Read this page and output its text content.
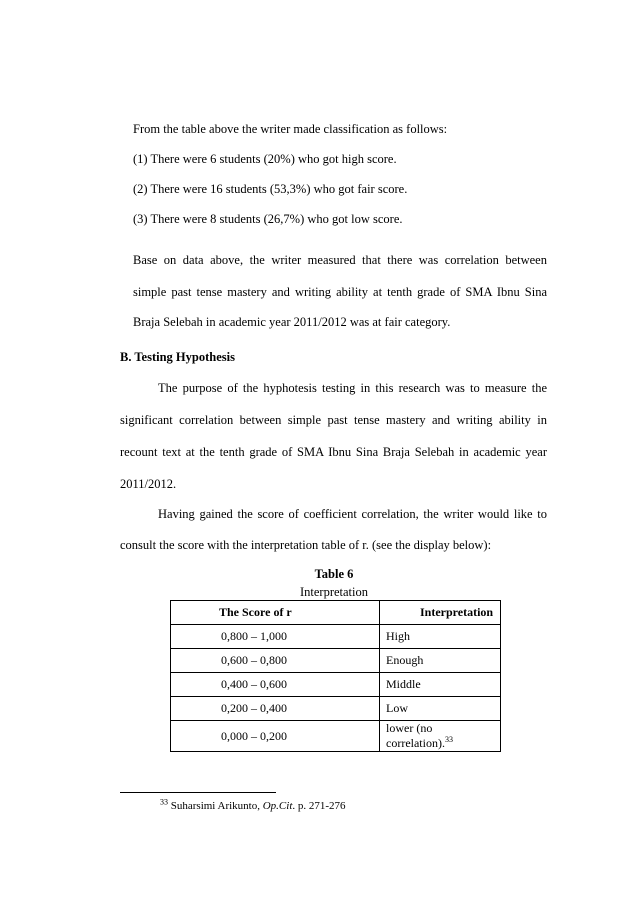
From the table above the writer made classification as follows:
(1) There were 6 students (20%) who got high score.
(2) There were 16 students (53,3%) who got fair score.
(3) There were 8 students (26,7%) who got low score.
Base on data above, the writer measured that there was correlation between
simple past tense mastery and writing ability at tenth grade of SMA Ibnu Sina
Braja Selebah in academic year 2011/2012 was at fair category.
B. Testing Hypothesis
The purpose of the hyphotesis testing in this research was to measure the
significant correlation between simple past tense mastery and writing ability in
recount text at the tenth grade of SMA Ibnu Sina Braja Selebah in academic year
2011/2012.
Having gained the score of coefficient correlation, the writer would like to
consult the score with the interpretation table of r. (see the display below):
Table 6
Interpretation
The Score of r	Interpretation
0,800 – 1,000	High
0,600 – 0,800	Enough
0,400 – 0,600	Middle
0,200 – 0,400	Low
0,000 – 0,200	lower (no correlation).$^{33}$
$^{33}$ Suharsimi Arikunto, Op.Cit. p. 271-276
